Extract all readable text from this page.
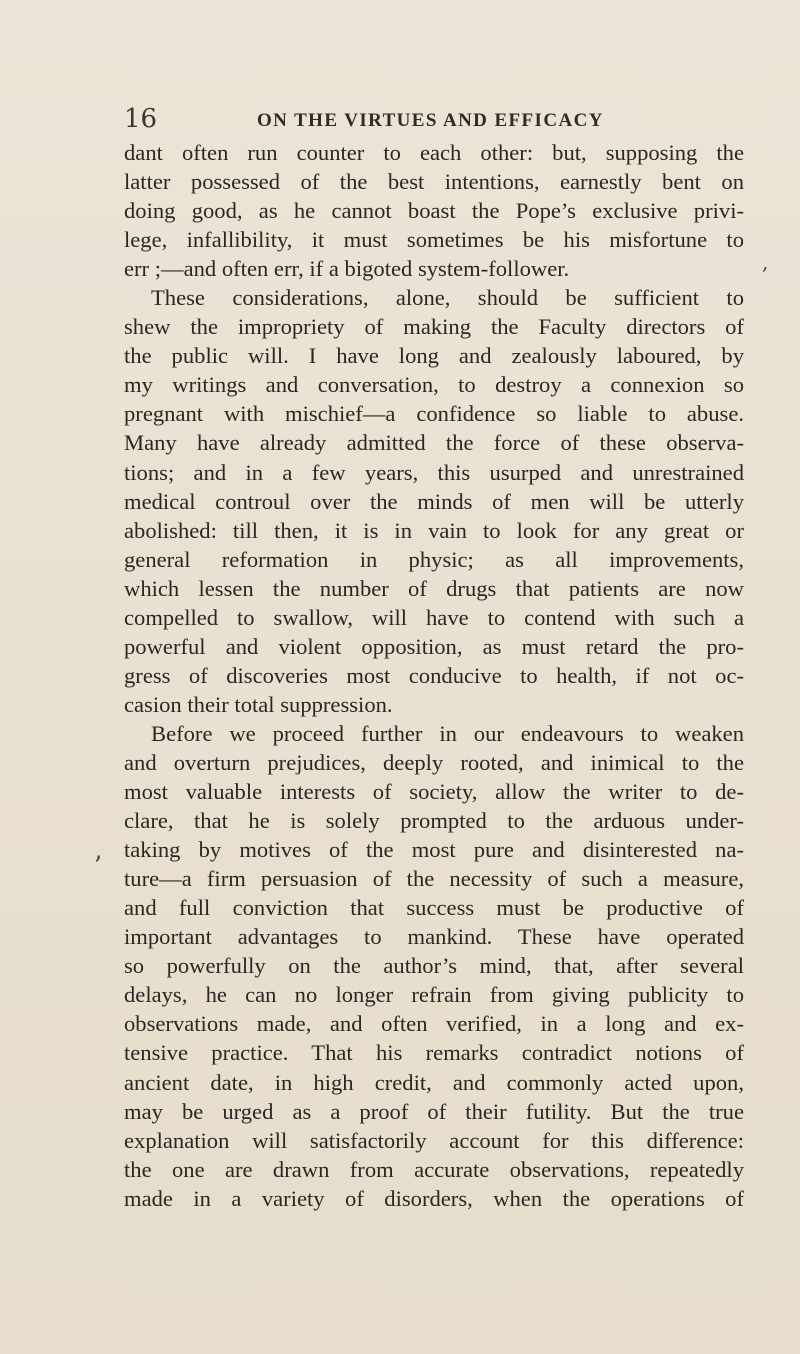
16	ON THE VIRTUES AND EFFICACY
dant often run counter to each other: but, supposing the
latter possessed of the best intentions, earnestly bent on
doing good, as he cannot boast the Pope’s exclusive privi-
lege, infallibility, it must sometimes be his misfortune to
err ;—and often err, if a bigoted system-follower.
These considerations, alone, should be sufficient to
shew the impropriety of making the Faculty directors of
the public will. I have long and zealously laboured, by
my writings and conversation, to destroy a connexion so
pregnant with mischief—a confidence so liable to abuse.
Many have already admitted the force of these observa-
tions; and in a few years, this usurped and unrestrained
medical controul over the minds of men will be utterly
abolished: till then, it is in vain to look for any great or
general reformation in physic; as all improvements,
which lessen the number of drugs that patients are now
compelled to swallow, will have to contend with such a
powerful and violent opposition, as must retard the pro-
gress of discoveries most conducive to health, if not oc-
casion their total suppression.
Before we proceed further in our endeavours to weaken
and overturn prejudices, deeply rooted, and inimical to the
most valuable interests of society, allow the writer to de-
clare, that he is solely prompted to the arduous under-
taking by motives of the most pure and disinterested na-
ture—a firm persuasion of the necessity of such a measure,
and full conviction that success must be productive of
important advantages to mankind. These have operated
so powerfully on the author’s mind, that, after several
delays, he can no longer refrain from giving publicity to
observations made, and often verified, in a long and ex-
tensive practice. That his remarks contradict notions of
ancient date, in high credit, and commonly acted upon,
may be urged as a proof of their futility. But the true
explanation will satisfactorily account for this difference:
the one are drawn from accurate observations, repeatedly
made in a variety of disorders, when the operations of
,
ʼ
